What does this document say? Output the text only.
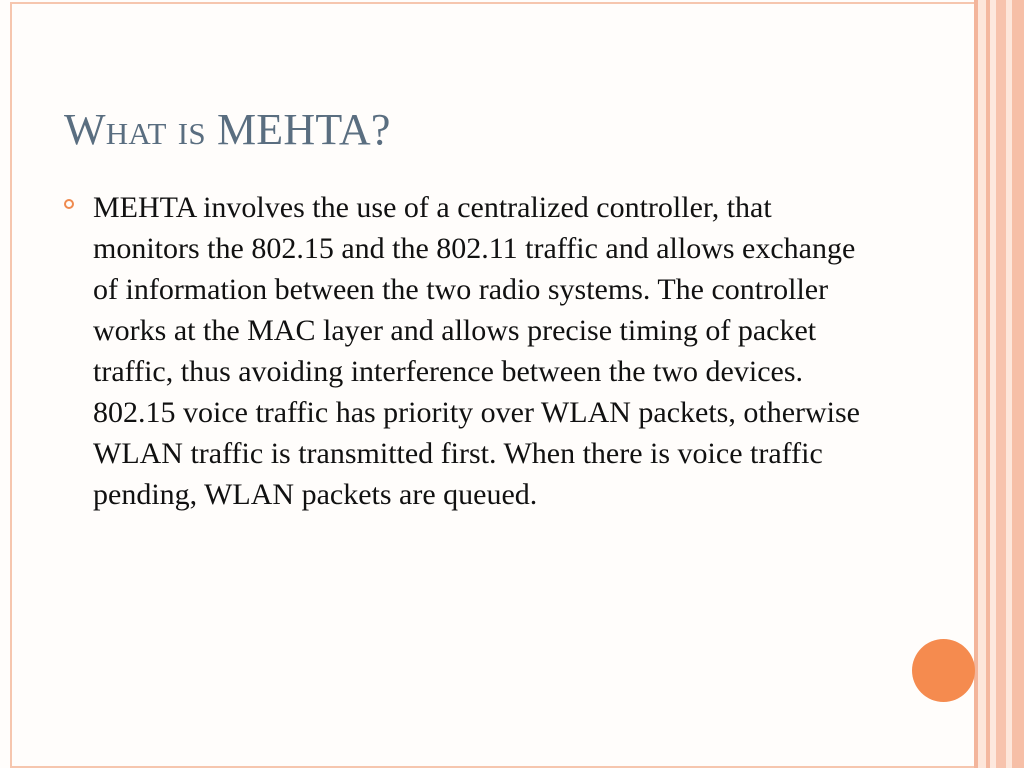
What is MEHTA?

MEHTA involves the use of a centralized controller, that monitors the 802.15 and the 802.11 traffic and allows exchange of information between the two radio systems. The controller works at the MAC layer and allows precise timing of packet traffic, thus avoiding interference between the two devices. 802.15 voice traffic has priority over WLAN packets, otherwise WLAN traffic is transmitted first. When there is voice traffic pending, WLAN packets are queued.
